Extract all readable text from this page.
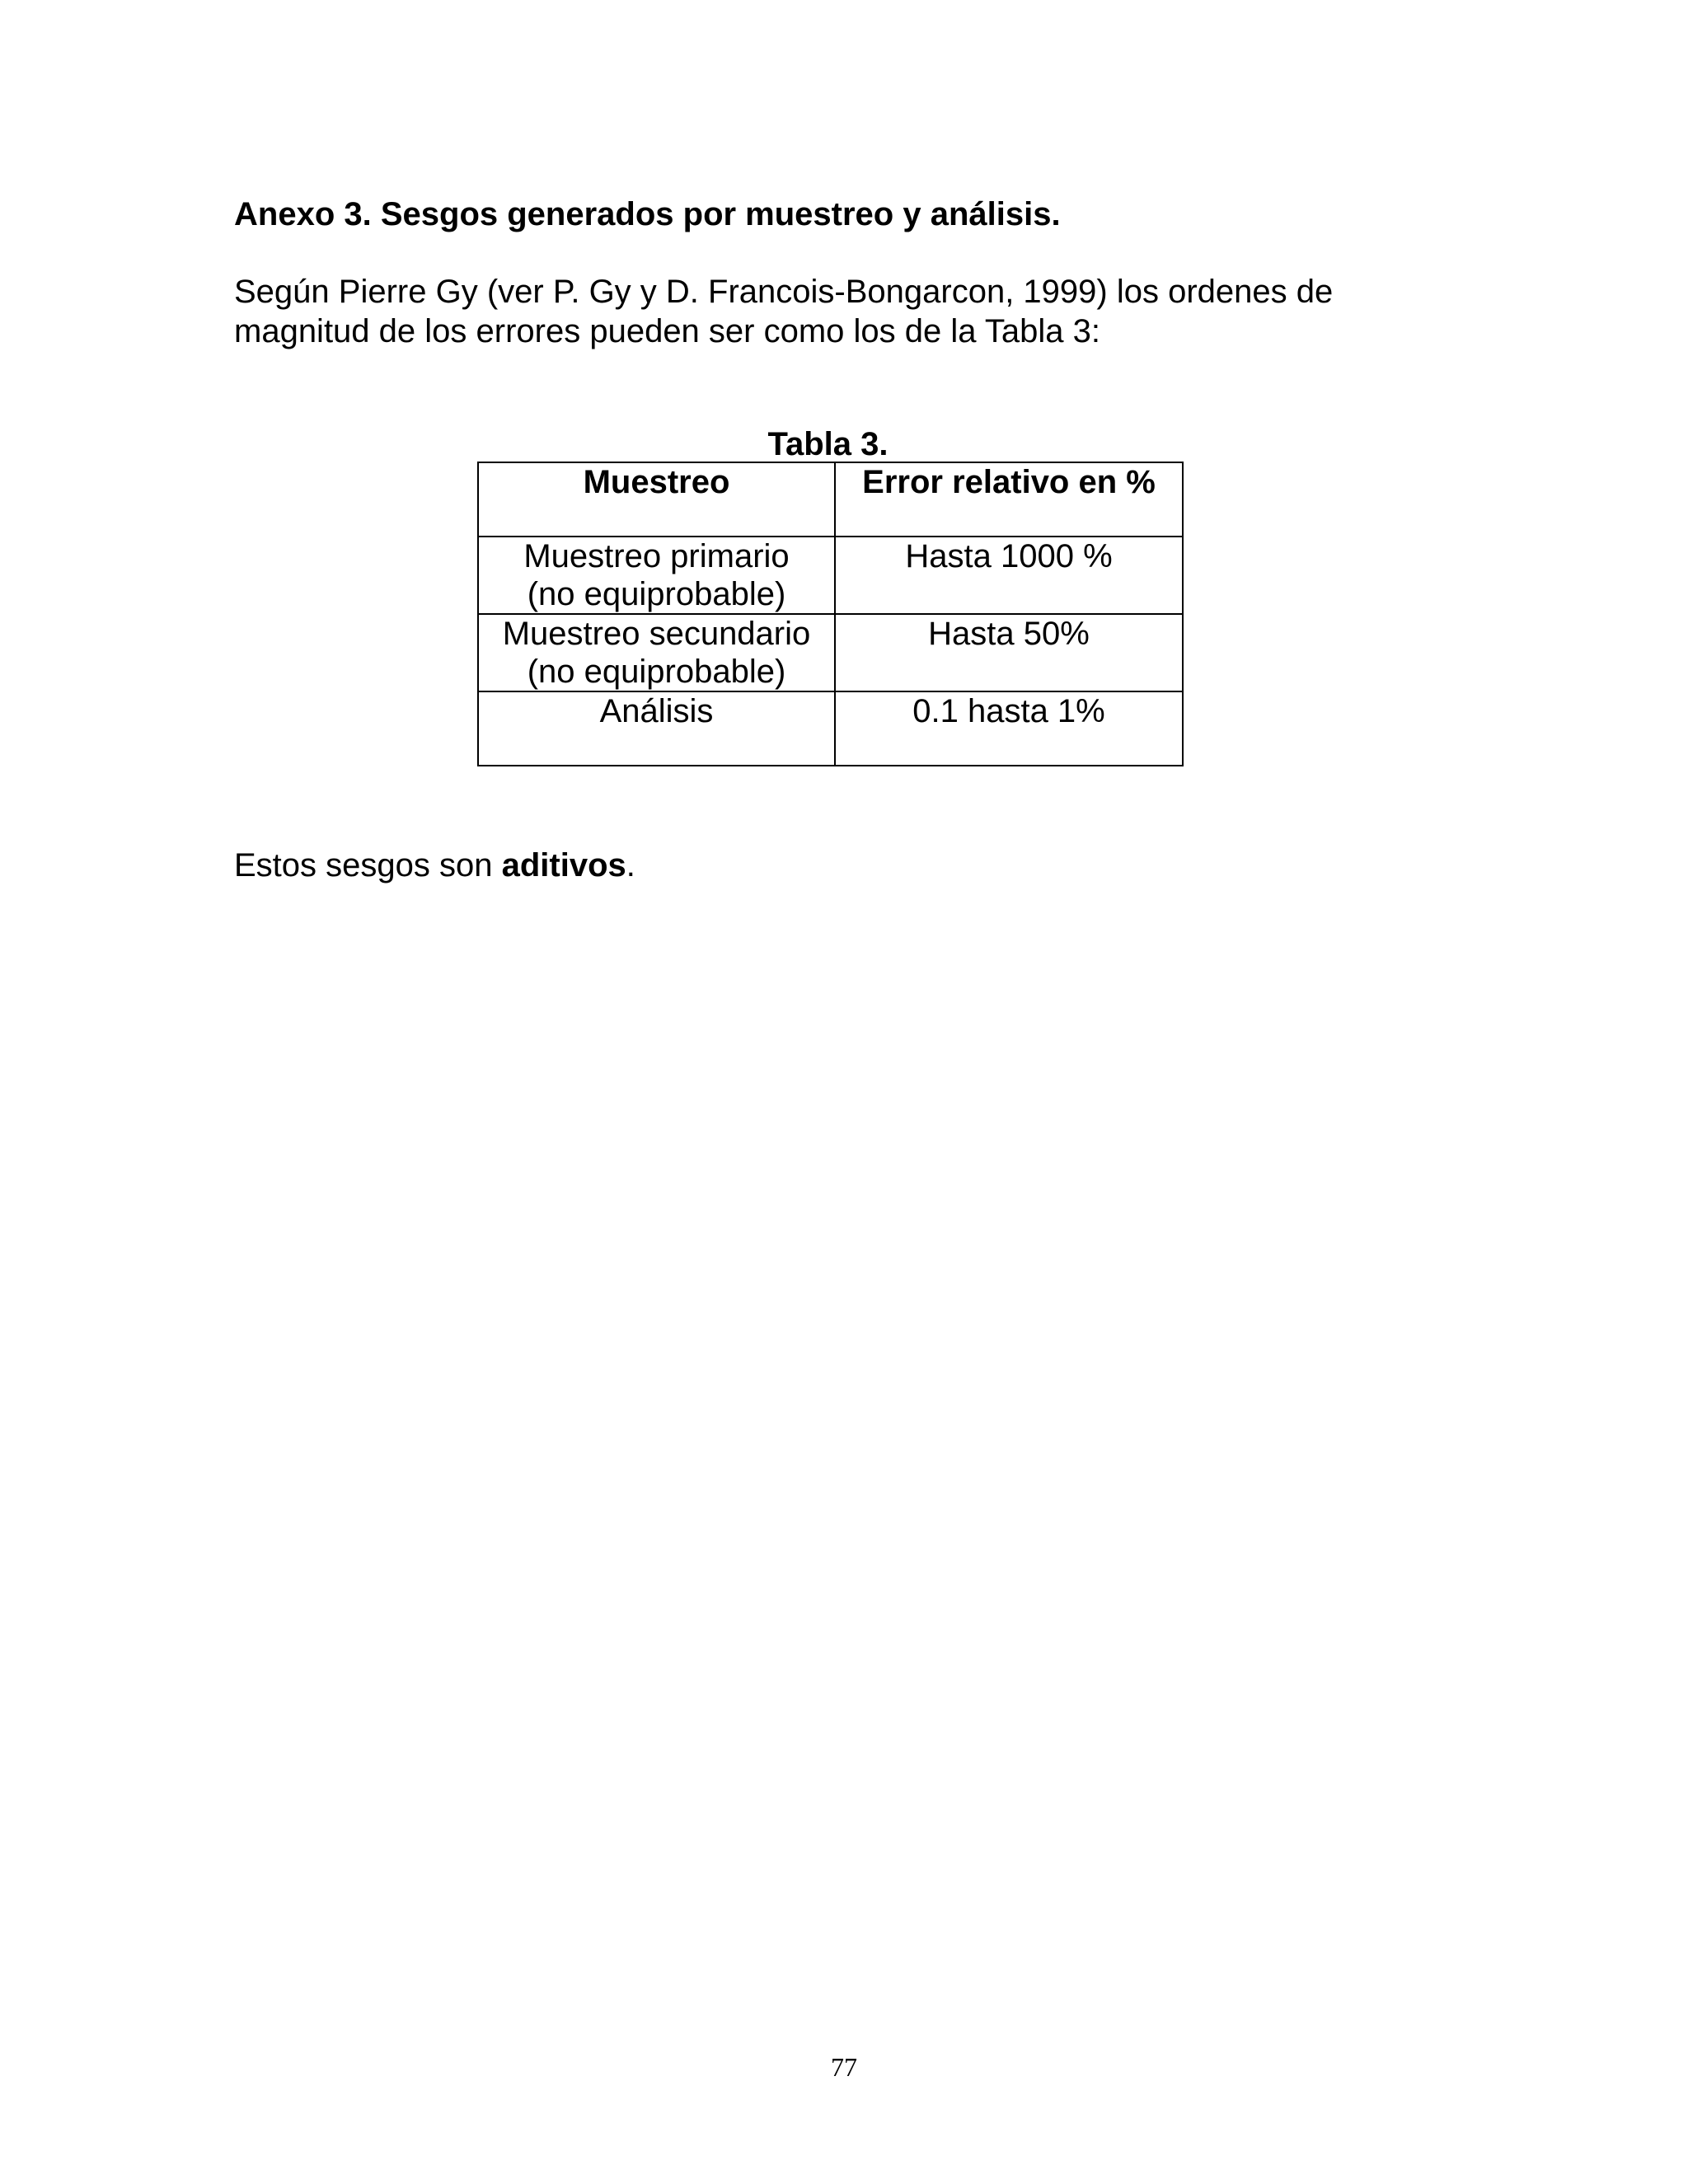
Anexo 3. Sesgos generados por muestreo y análisis.

Según Pierre Gy (ver P. Gy y D. Francois-Bongarcon, 1999) los ordenes de
magnitud de los errores pueden ser como los de la Tabla 3:

Tabla 3.
Muestreo	Error relativo en %

Muestreo primario
(no equiprobable)	Hasta 1000 %

Muestreo secundario
(no equiprobable)	Hasta 50%

Análisis	0.1 hasta 1%

Estos sesgos son aditivos.

77
